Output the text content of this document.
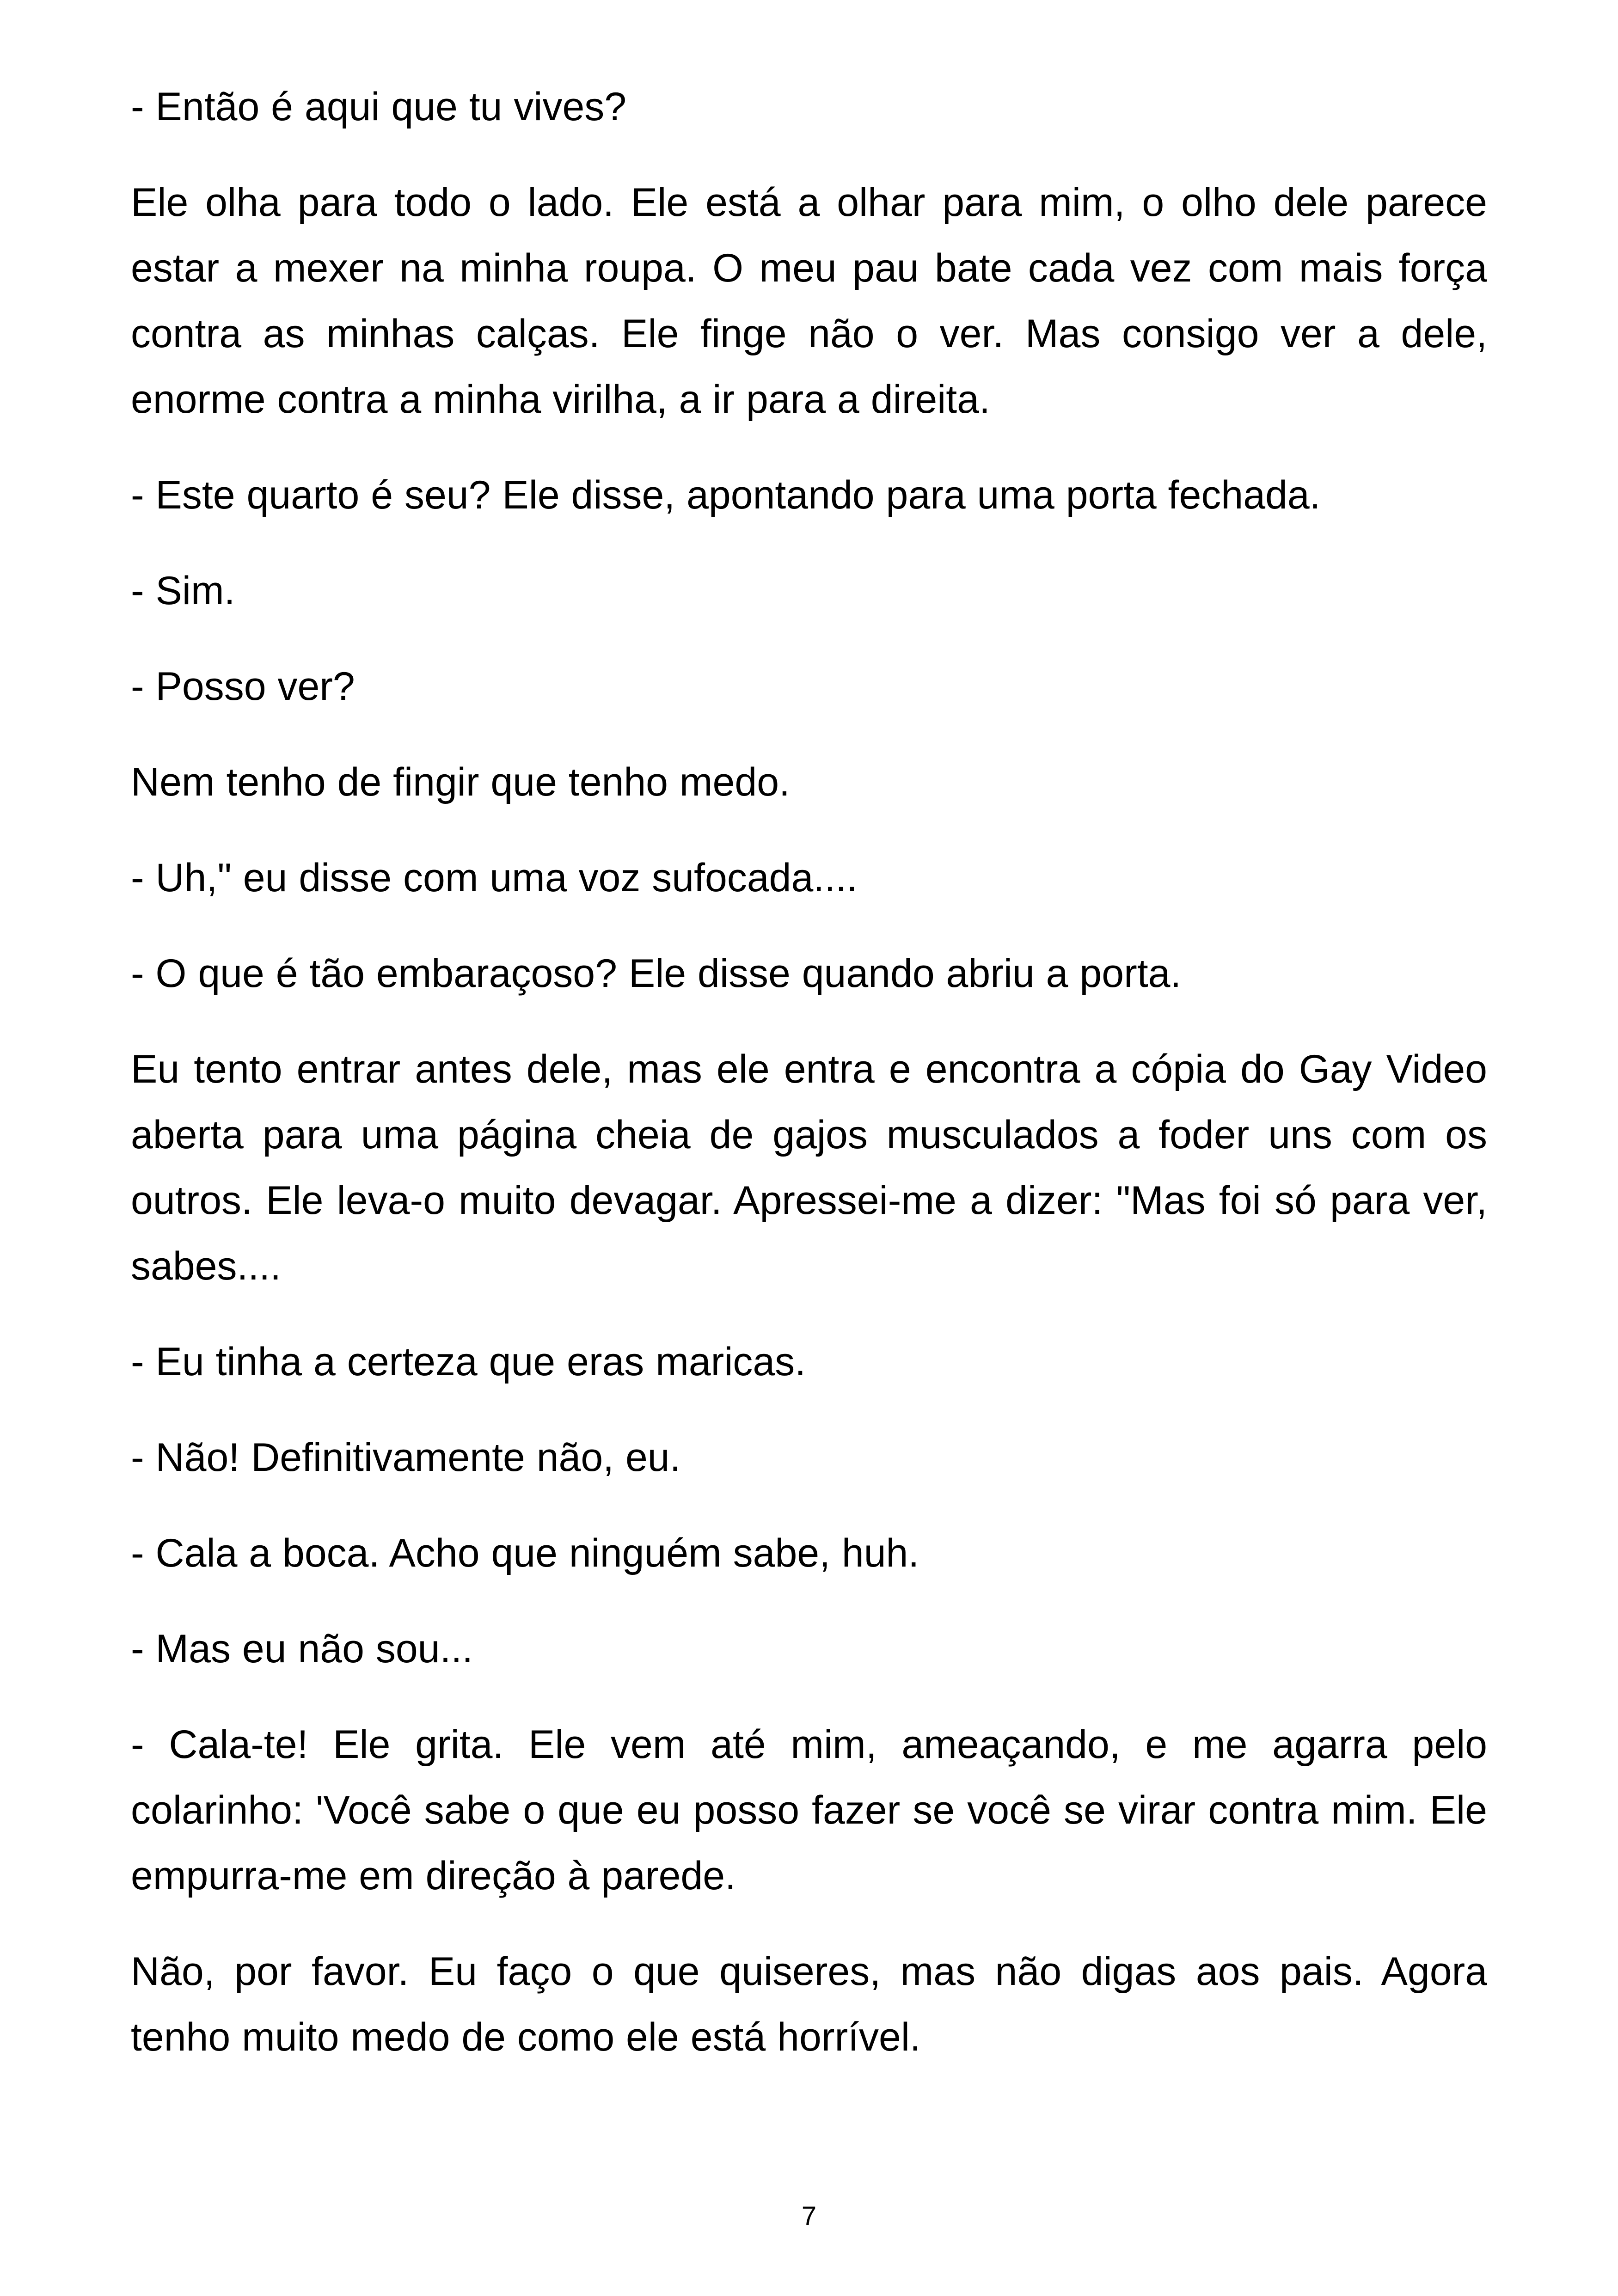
- Então é aqui que tu vives?

Ele olha para todo o lado. Ele está a olhar para mim, o olho dele parece estar a mexer na minha roupa. O meu pau bate cada vez com mais força contra as minhas calças. Ele finge não o ver. Mas consigo ver a dele, enorme contra a minha virilha, a ir para a direita.

- Este quarto é seu? Ele disse, apontando para uma porta fechada.

- Sim.

- Posso ver?

Nem tenho de fingir que tenho medo.

- Uh," eu disse com uma voz sufocada....

- O que é tão embaraçoso? Ele disse quando abriu a porta.

Eu tento entrar antes dele, mas ele entra e encontra a cópia do Gay Video aberta para uma página cheia de gajos musculados a foder uns com os outros. Ele leva-o muito devagar. Apressei-me a dizer: "Mas foi só para ver, sabes....

- Eu tinha a certeza que eras maricas.

- Não! Definitivamente não, eu.

- Cala a boca. Acho que ninguém sabe, huh.

- Mas eu não sou...

- Cala-te! Ele grita. Ele vem até mim, ameaçando, e me agarra pelo colarinho: 'Você sabe o que eu posso fazer se você se virar contra mim. Ele empurra-me em direção à parede.

Não, por favor. Eu faço o que quiseres, mas não digas aos pais. Agora tenho muito medo de como ele está horrível.

7
